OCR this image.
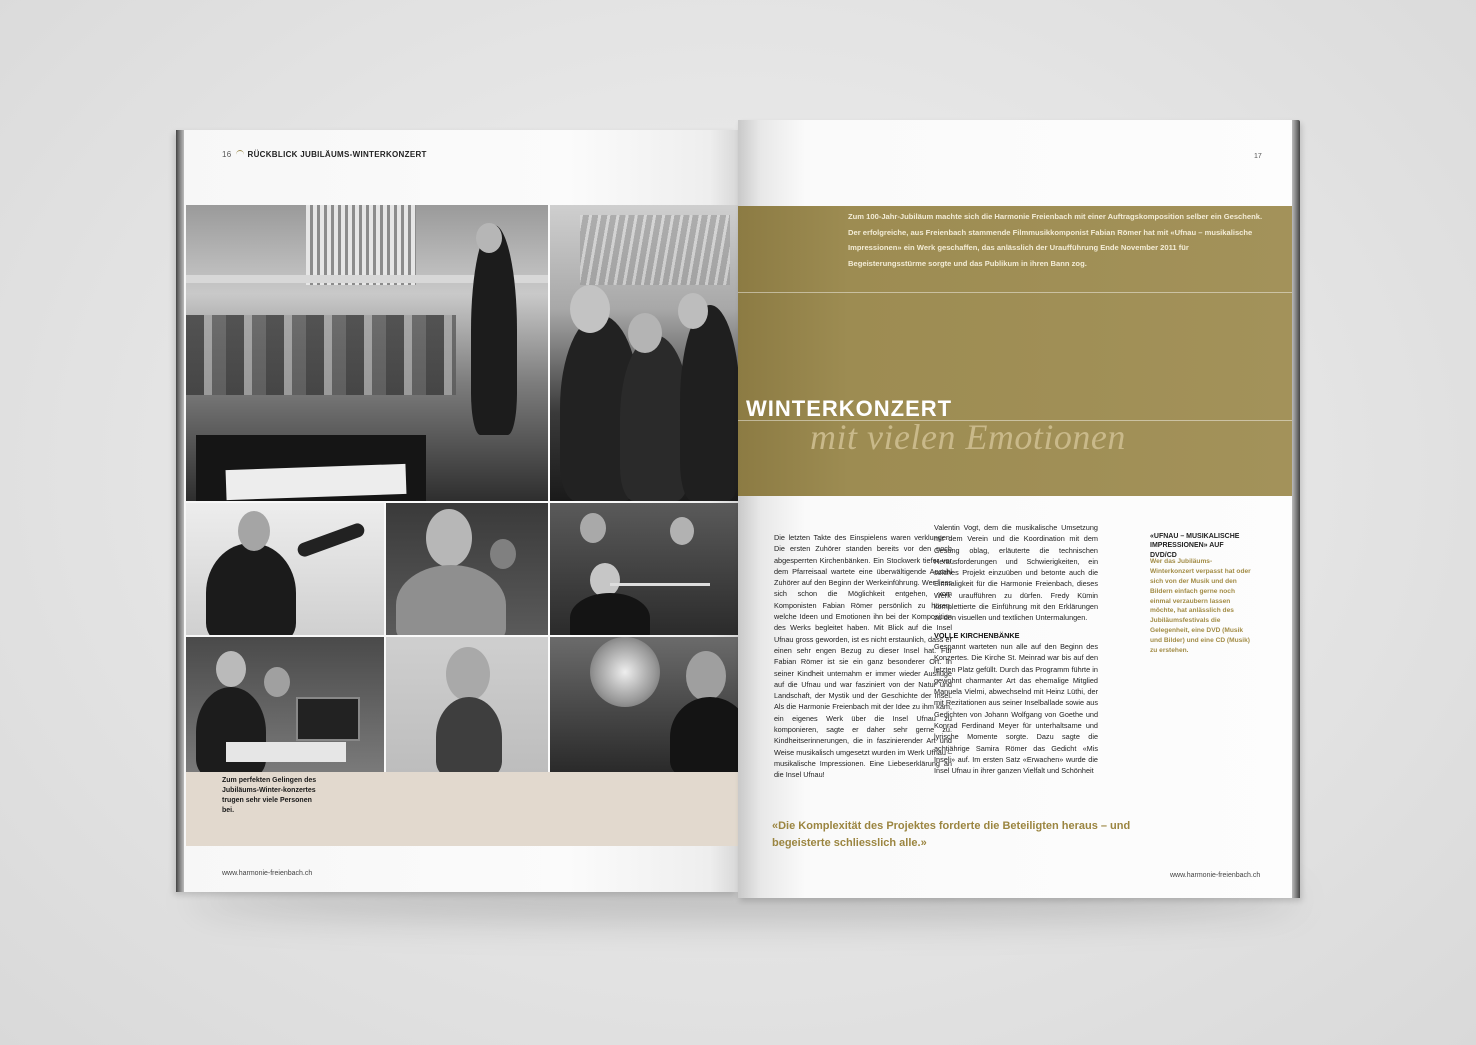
16 RÜCKBLICK JUBILÄUMS-WINTERKONZERT
Zum perfekten Gelingen des Jubiläums-Winter-konzertes trugen sehr viele Personen bei.
www.harmonie-freienbach.ch
17
Zum 100-Jahr-Jubiläum machte sich die Harmonie Freienbach mit einer Auftragskomposition selber ein Geschenk. Der erfolgreiche, aus Freienbach stammende Filmmusikkomponist Fabian Römer hat mit «Ufnau – musikalische Impressionen» ein Werk geschaffen, das anlässlich der Uraufführung Ende November 2011 für Begeisterungsstürme sorgte und das Publikum in ihren Bann zog.
WINTERKONZERT
mit vielen Emotionen
Die letzten Takte des Einspielens waren verklungen. Die ersten Zuhörer standen bereits vor den noch abgesperrten Kirchenbänken. Ein Stockwerk tiefer vor dem Pfarreisaal wartete eine überwältigende Anzahl Zuhörer auf den Beginn der Werkeinführung. Wer liess sich schon die Möglichkeit entgehen, vom Komponisten Fabian Römer persönlich zu hören, welche Ideen und Emotionen ihn bei der Komposition des Werks begleitet haben. Mit Blick auf die Insel Ufnau gross geworden, ist es nicht erstaunlich, dass er einen sehr engen Bezug zu dieser Insel hat. Für Fabian Römer ist sie ein ganz besonderer Ort. In seiner Kindheit unternahm er immer wieder Ausflüge auf die Ufnau und war fasziniert von der Natur und Landschaft, der Mystik und der Geschichte der Insel. Als die Harmonie Freienbach mit der Idee zu ihm kam, ein eigenes Werk über die Insel Ufnau zu komponieren, sagte er daher sehr gerne zu. Kindheitserinnerungen, die in faszinierender Art und Weise musikalisch umgesetzt wurden im Werk Ufnau – musikalische Impressionen. Eine Liebeserklärung an die Insel Ufnau!
Valentin Vogt, dem die musikalische Umsetzung mit dem Verein und die Koordination mit dem Gesang oblag, erläuterte die technischen Herausforderungen und Schwierigkeiten, ein solches Projekt einzuüben und betonte auch die Einmaligkeit für die Harmonie Freienbach, dieses Werk uraufführen zu dürfen. Fredy Kümin komplettierte die Einführung mit den Erklärungen zu den visuellen und textlichen Untermalungen.
VOLLE KIRCHENBÄNKE
Gespannt warteten nun alle auf den Beginn des Konzertes. Die Kirche St. Meinrad war bis auf den letzten Platz gefüllt. Durch das Programm führte in gewohnt charmanter Art das ehemalige Mitglied Manuela Vielmi, abwechselnd mit Heinz Lüthi, der mit Rezitationen aus seiner Inselballade sowie aus Gedichten von Johann Wolfgang von Goethe und Konrad Ferdinand Meyer für unterhaltsame und lyrische Momente sorgte. Dazu sagte die achtjährige Samira Römer das Gedicht «Mis Inseli» auf. Im ersten Satz «Erwachen» wurde die Insel Ufnau in ihrer ganzen Vielfalt und Schönheit
«UFNAU – MUSIKALISCHE IMPRESSIONEN» AUF DVD/CD
Wer das Jubiläums-Winterkonzert verpasst hat oder sich von der Musik und den Bildern einfach gerne noch einmal verzaubern lassen möchte, hat anlässlich des Jubiläumsfestivals die Gelegenheit, eine DVD (Musik und Bilder) und eine CD (Musik) zu erstehen.
«Die Komplexität des Projektes forderte die Beteiligten heraus – und begeisterte schliesslich alle.»
www.harmonie-freienbach.ch
